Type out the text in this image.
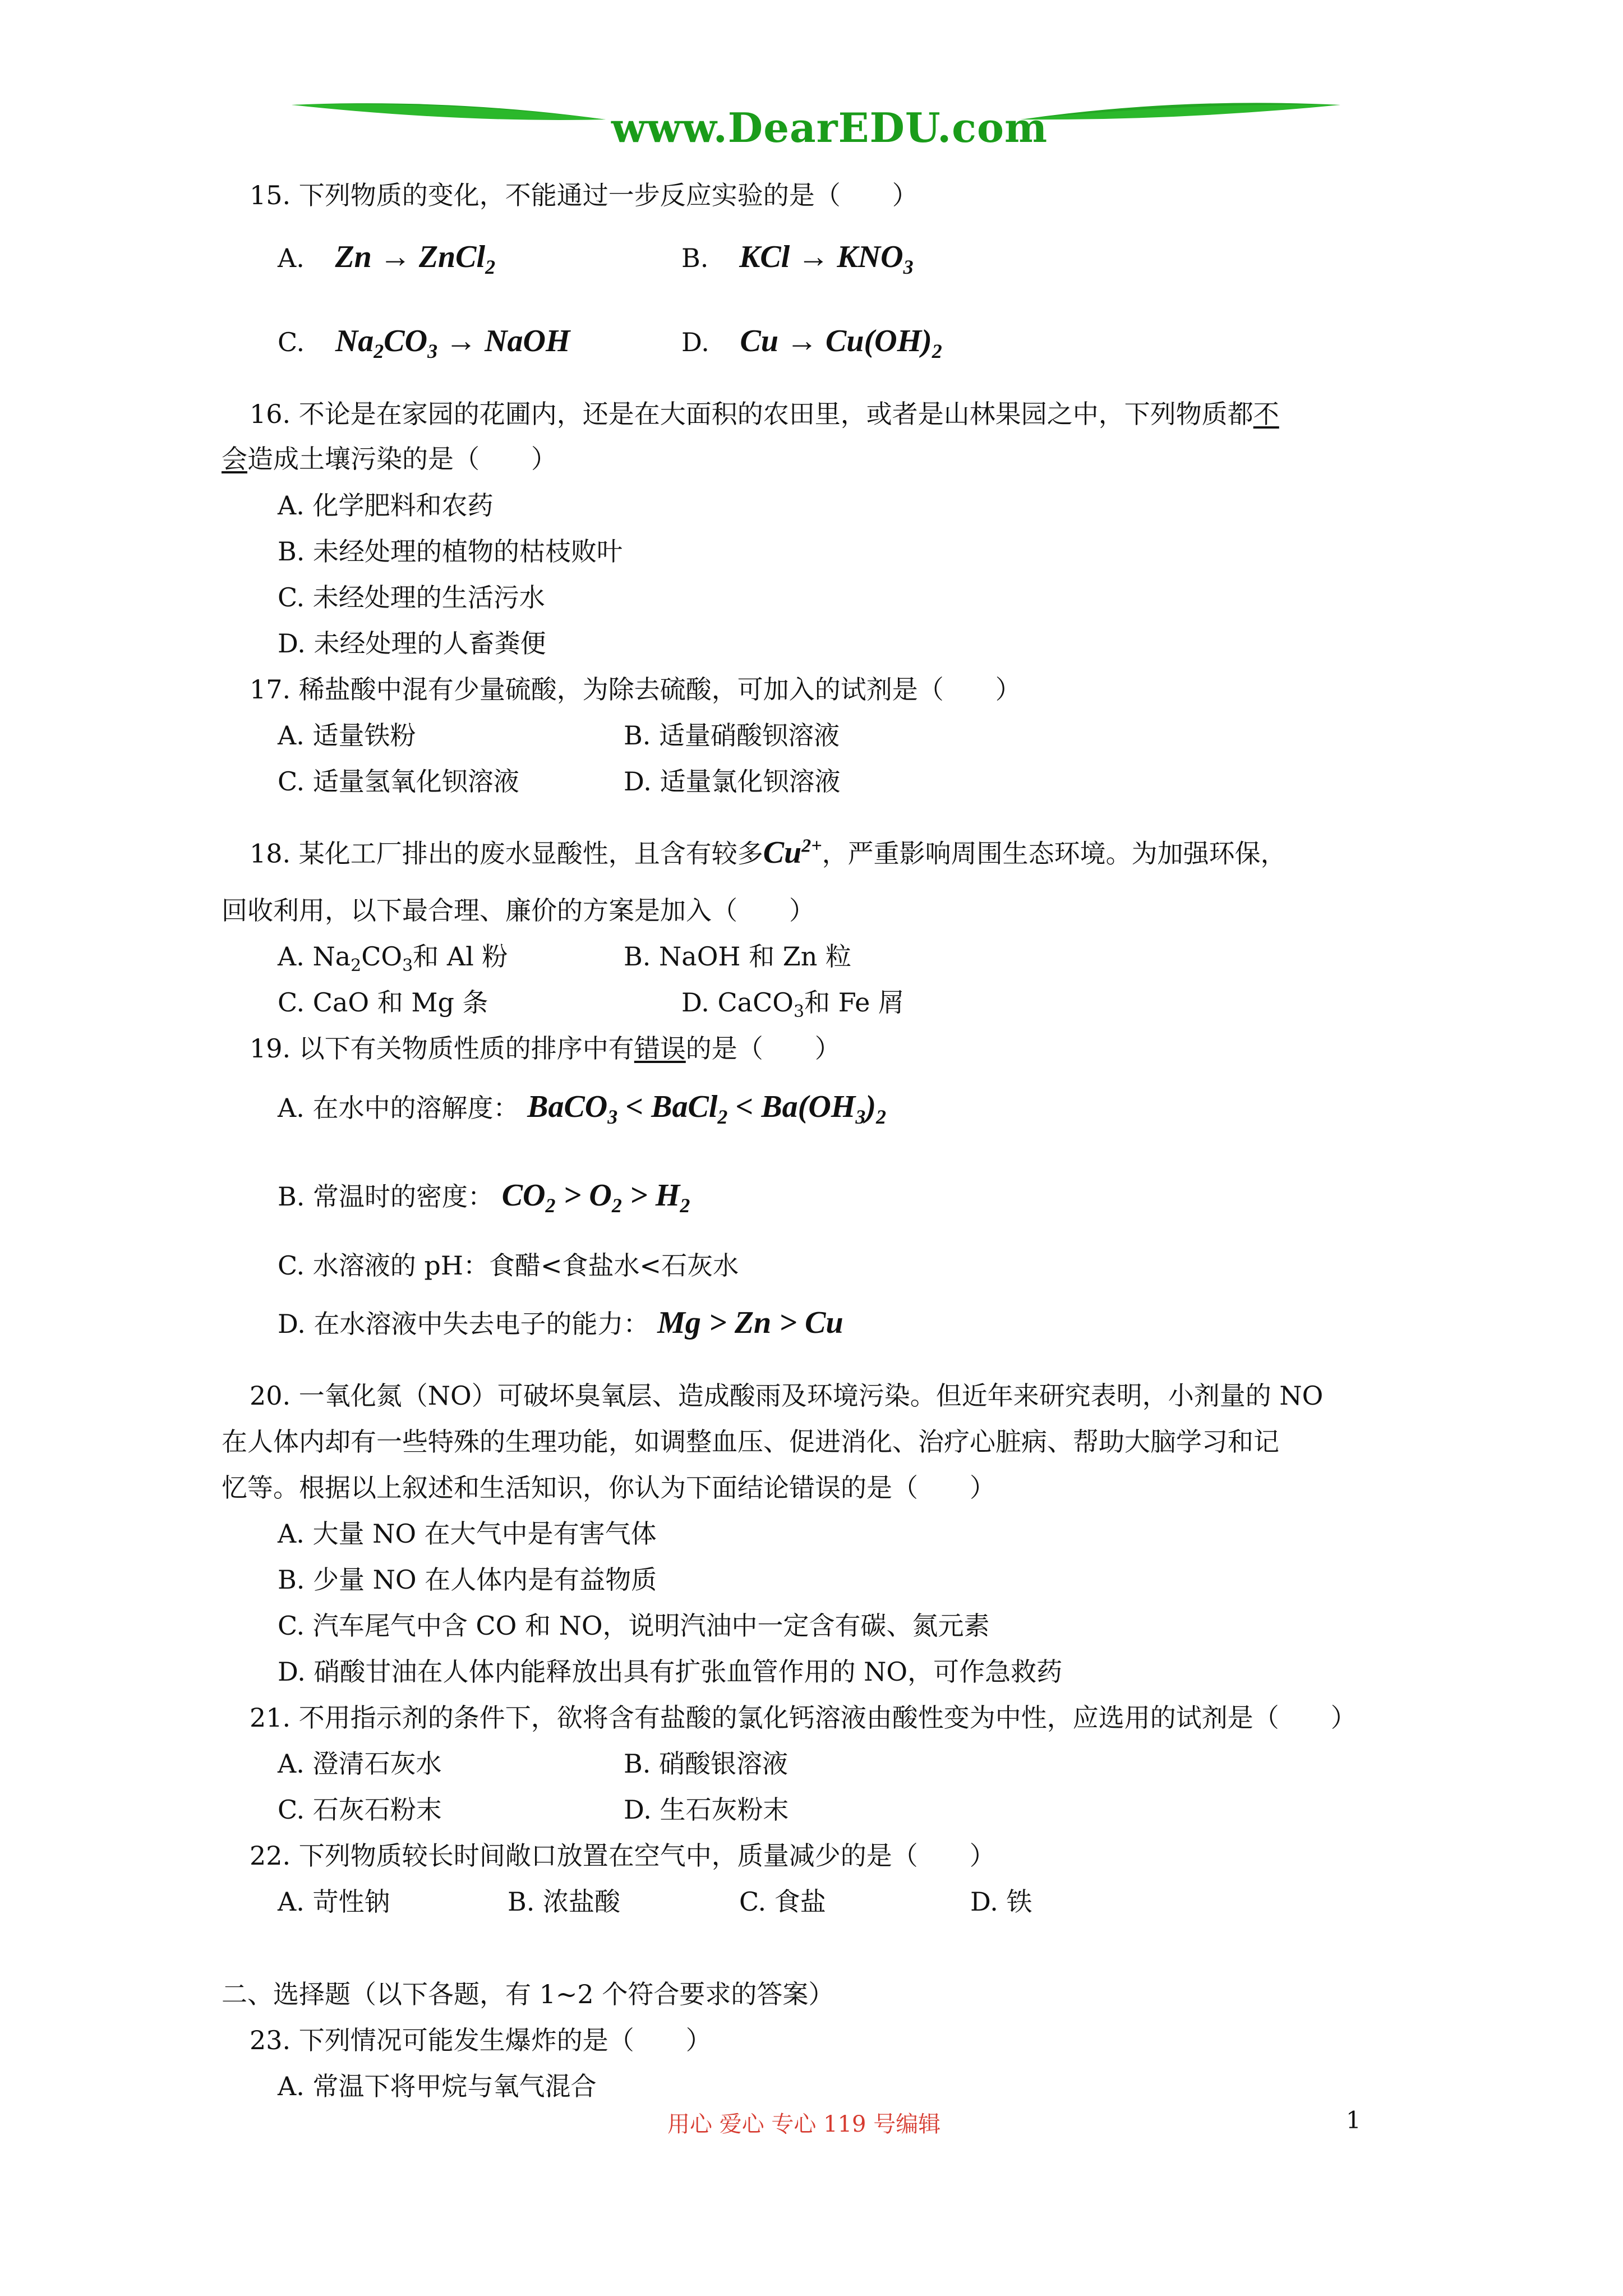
www.DearEDU.com
15. 下列物质的变化，不能通过一步反应实验的是（　　）
A. Zn → ZnCl$_2$	B. KCl → $KNO_3$
C. $Na_2CO_3$ → NaOH	D. $Cu \to Cu(OH)_2$
16. 不论是在家园的花圃内，还是在大面积的农田里，或者是山林果园之中，下列物质都不
会造成土壤污染的是（　　）
A. 化学肥料和农药
B. 未经处理的植物的枯枝败叶
C. 未经处理的生活污水
D. 未经处理的人畜粪便
17. 稀盐酸中混有少量硫酸，为除去硫酸，可加入的试剂是（　　）
A. 适量铁粉	B. 适量硝酸钡溶液
C. 适量氢氧化钡溶液	D. 适量氯化钡溶液
18. 某化工厂排出的废水显酸性，且含有较多$Cu^{2+}$，严重影响周围生态环境。为加强环保，
回收利用，以下最合理、廉价的方案是加入（　　）
A. $Na_2CO_3$和 Al 粉	B. NaOH 和 Zn 粒
C. CaO 和 Mg 条	D. CaCO$_3$和 Fe 屑
19. 以下有关物质性质的排序中有错误的是（　　）
A. 在水中的溶解度： BaCO$_3$ < BaCl$_2$ < $Ba(OH_3)_2$
B. 常温时的密度： $CO_2 > O_2 > H_2$
C. 水溶液的 pH：食醋<食盐水<石灰水
D. 在水溶液中失去电子的能力： Mg > Zn > Cu
20. 一氧化氮（NO）可破坏臭氧层、造成酸雨及环境污染。但近年来研究表明，小剂量的 NO
在人体内却有一些特殊的生理功能，如调整血压、促进消化、治疗心脏病、帮助大脑学习和记
忆等。根据以上叙述和生活知识，你认为下面结论错误的是（　　）
A. 大量 NO 在大气中是有害气体
B. 少量 NO 在人体内是有益物质
C. 汽车尾气中含 CO 和 NO，说明汽油中一定含有碳、氮元素
D. 硝酸甘油在人体内能释放出具有扩张血管作用的 NO，可作急救药
21. 不用指示剂的条件下，欲将含有盐酸的氯化钙溶液由酸性变为中性，应选用的试剂是（　　）
A. 澄清石灰水	B. 硝酸银溶液
C. 石灰石粉末	D. 生石灰粉末
22. 下列物质较长时间敞口放置在空气中，质量减少的是（　　）
A. 苛性钠	B. 浓盐酸	C. 食盐	D. 铁
二、选择题（以下各题，有 1~2 个符合要求的答案）
23. 下列情况可能发生爆炸的是（　　）
A. 常温下将甲烷与氧气混合
用心 爱心 专心 119 号编辑	1
